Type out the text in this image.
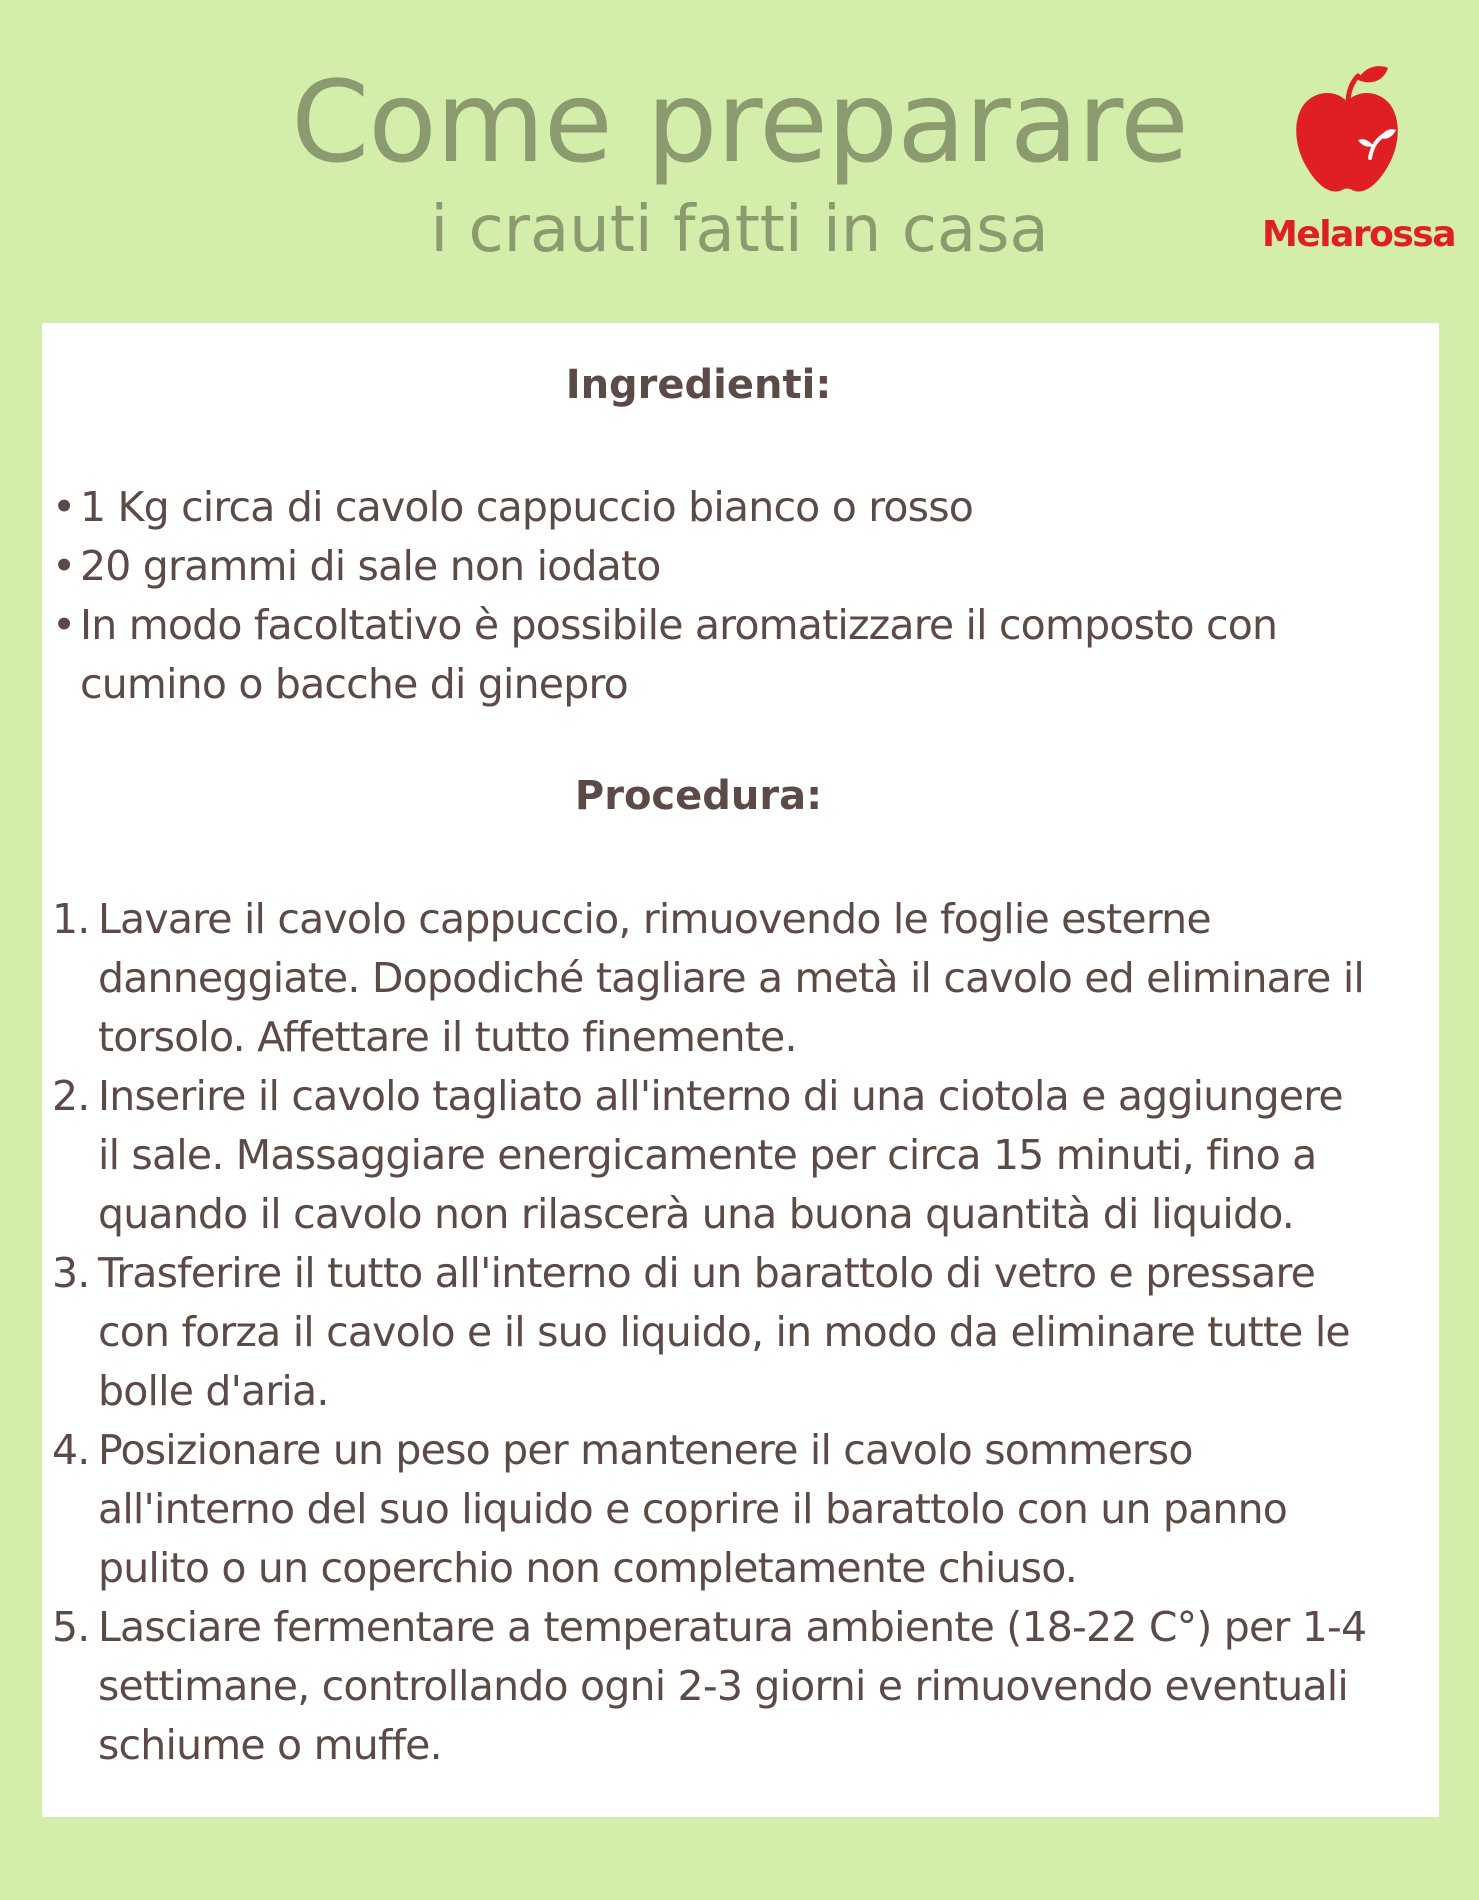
Come preparare
i crauti fatti in casa	Melarossa
Ingredienti:
• 1 Kg circa di cavolo cappuccio bianco o rosso
• 20 grammi di sale non iodato
• In modo facoltativo è possibile aromatizzare il composto con cumino o bacche di ginepro
Procedura:
1. Lavare il cavolo cappuccio, rimuovendo le foglie esterne danneggiate. Dopodiché tagliare a metà il cavolo ed eliminare il torsolo. Affettare il tutto finemente.
2. Inserire il cavolo tagliato all'interno di una ciotola e aggiungere il sale. Massaggiare energicamente per circa 15 minuti, fino a quando il cavolo non rilascerà una buona quantità di liquido.
3. Trasferire il tutto all'interno di un barattolo di vetro e pressare con forza il cavolo e il suo liquido, in modo da eliminare tutte le bolle d'aria.
4. Posizionare un peso per mantenere il cavolo sommerso all'interno del suo liquido e coprire il barattolo con un panno pulito o un coperchio non completamente chiuso.
5. Lasciare fermentare a temperatura ambiente (18-22 C°) per 1-4 settimane, controllando ogni 2-3 giorni e rimuovendo eventuali schiume o muffe.
